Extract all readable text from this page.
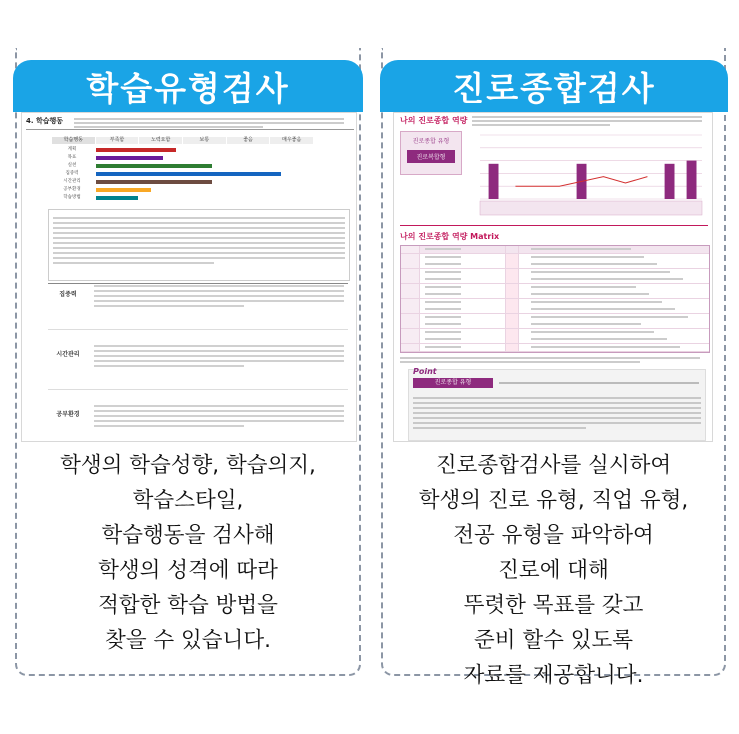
학습유형검사	진로종합검사
4. 학습행동
학습행동	부족함	노력요함	보통	좋음	매우좋음
계획
목표
실천
집중력
시간관리
공부환경
학습방법
집중력
시간관리
공부환경
나의 진로종합 역량
진로종합 유형
진로복합형
나의 진로종합 역량 Matrix
Point
진로종합 유형
학생의 학습성향, 학습의지,
학습스타일,
학습행동을 검사해
학생의 성격에 따라
적합한 학습 방법을
찾을 수 있습니다.
진로종합검사를 실시하여
학생의 진로 유형, 직업 유형,
전공 유형을 파악하여
진로에 대해
뚜렷한 목표를 갖고
준비 할수 있도록
자료를 제공합니다.
